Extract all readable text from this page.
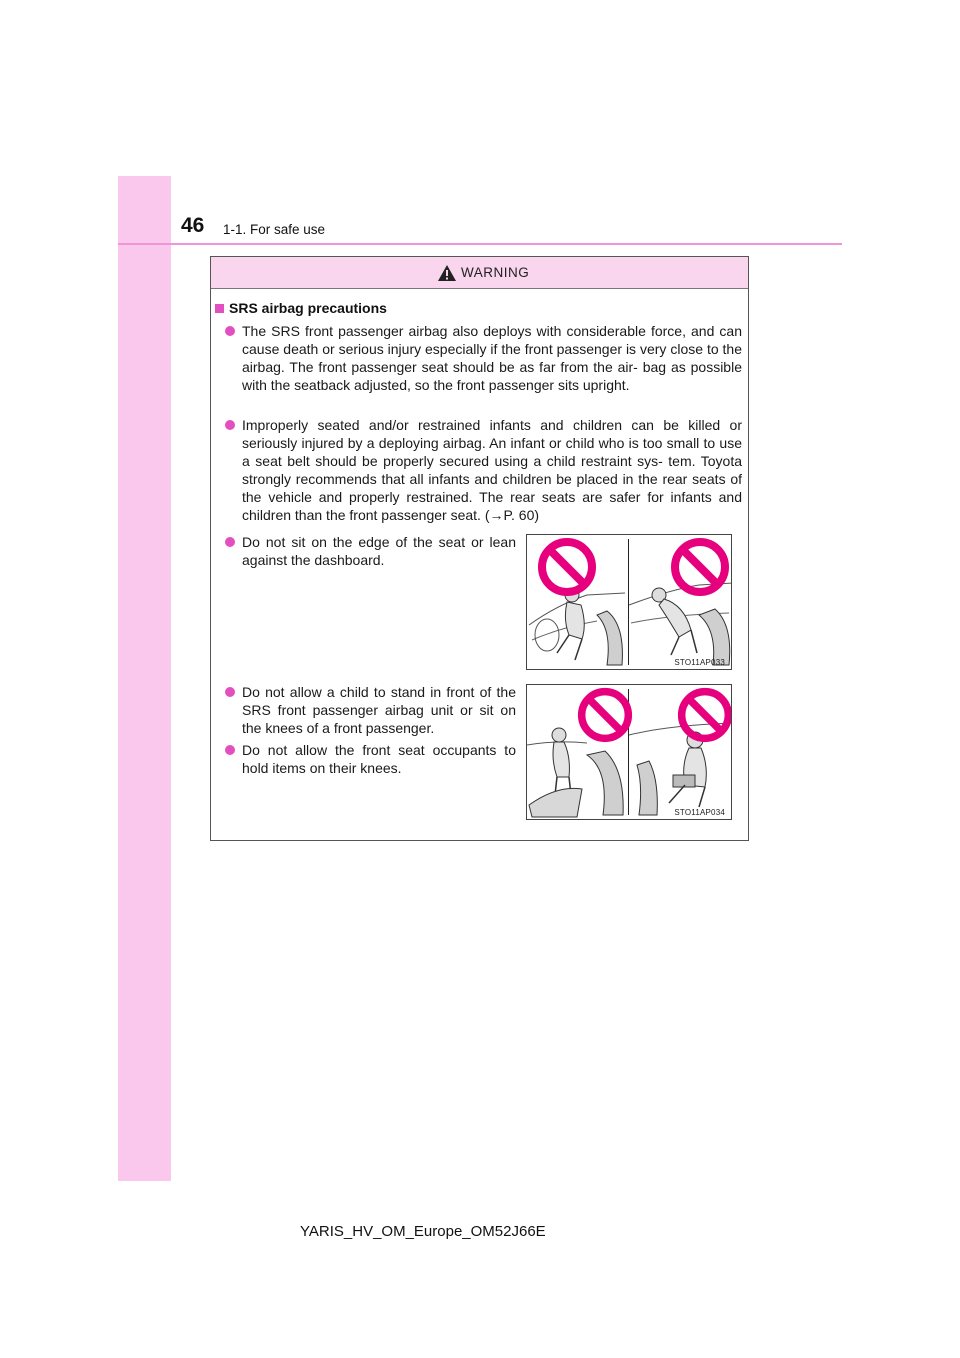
46 1-1. For safe use
WARNING
SRS airbag precautions
The SRS front passenger airbag also deploys with considerable force, and can cause death or serious injury especially if the front passenger is very close to the airbag. The front passenger seat should be as far from the air- bag as possible with the seatback adjusted, so the front passenger sits upright.
Improperly seated and/or restrained infants and children can be killed or seriously injured by a deploying airbag. An infant or child who is too small to use a seat belt should be properly secured using a child restraint sys- tem. Toyota strongly recommends that all infants and children be placed in the rear seats of the vehicle and properly restrained. The rear seats are safer for infants and children than the front passenger seat. (→P. 60)
Do not sit on the edge of the seat or lean against the dashboard.
Do not allow a child to stand in front of the SRS front passenger airbag unit or sit on the knees of a front passenger.
Do not allow the front seat occupants to hold items on their knees.
STO11AP033
STO11AP034
YARIS_HV_OM_Europe_OM52J66E
